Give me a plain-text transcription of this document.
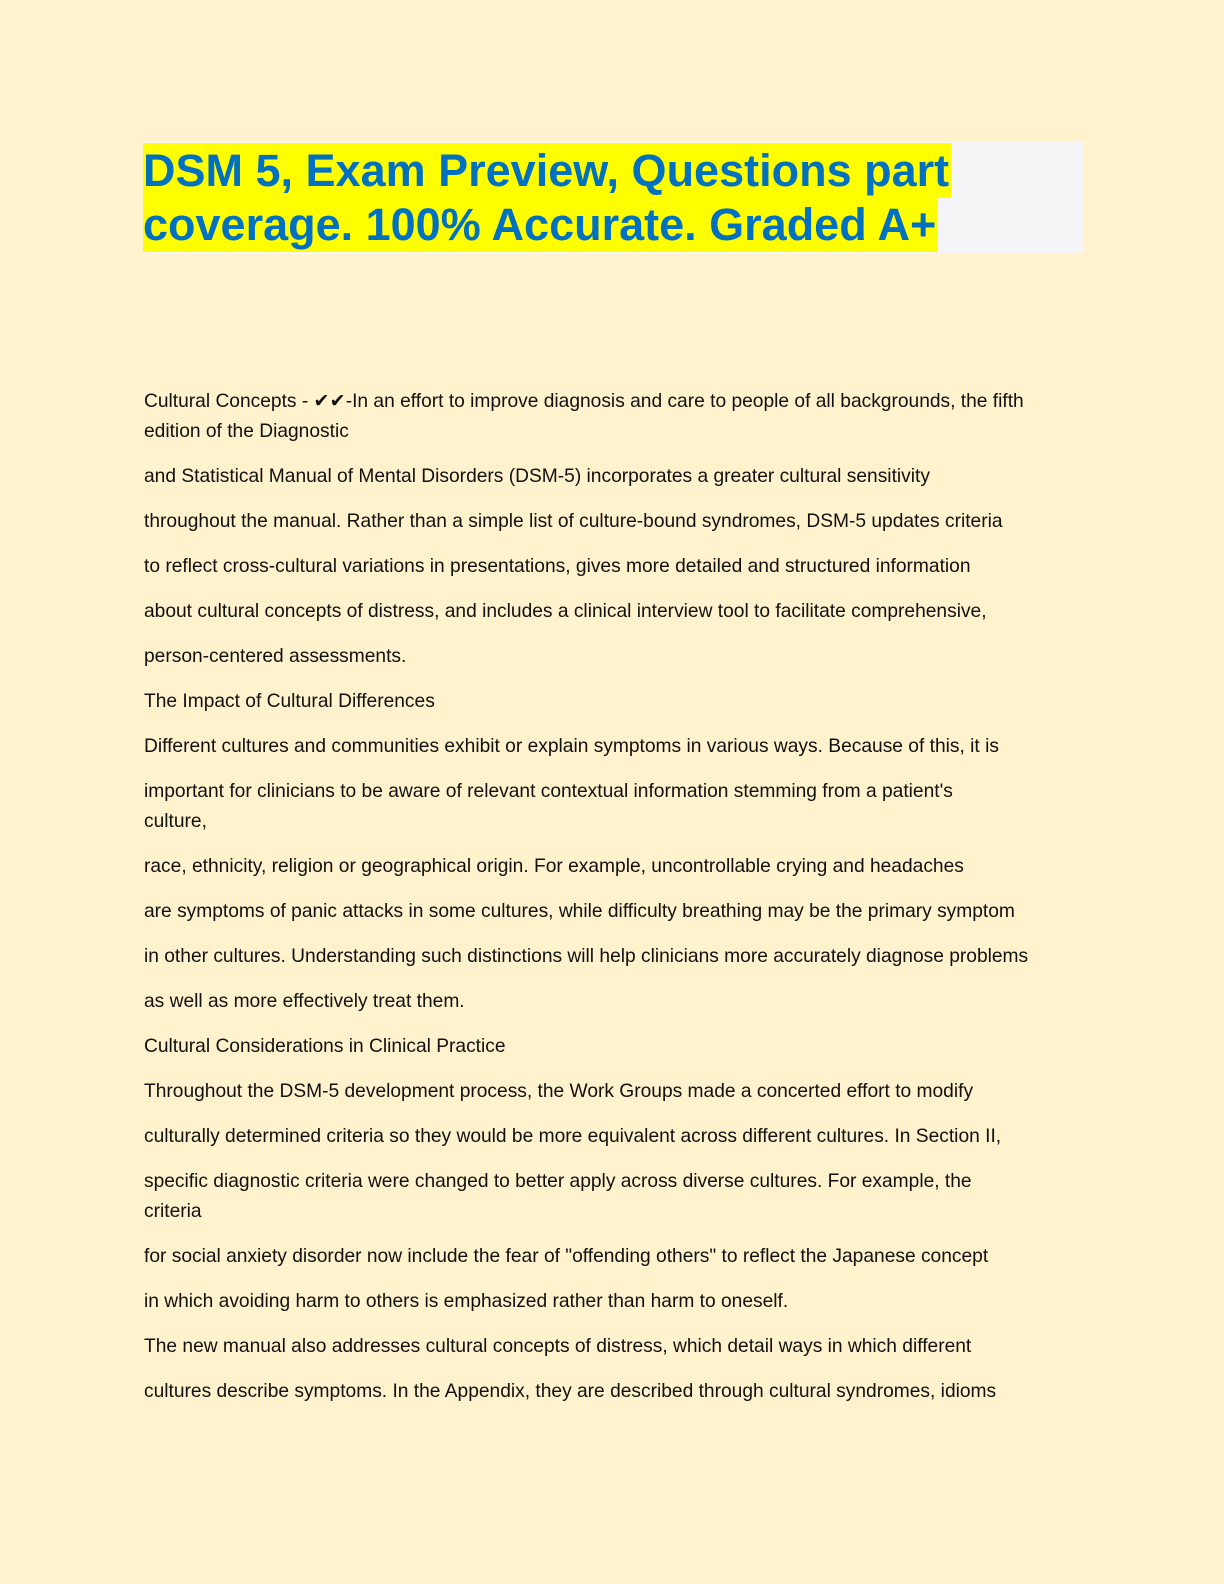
DSM 5, Exam Preview, Questions part
coverage. 100% Accurate. Graded A+
Cultural Concepts - ✔✔-In an effort to improve diagnosis and care to people of all backgrounds, the fifth
edition of the Diagnostic
and Statistical Manual of Mental Disorders (DSM-5) incorporates a greater cultural sensitivity
throughout the manual. Rather than a simple list of culture-bound syndromes, DSM-5 updates criteria
to reflect cross-cultural variations in presentations, gives more detailed and structured information
about cultural concepts of distress, and includes a clinical interview tool to facilitate comprehensive,
person-centered assessments.
The Impact of Cultural Differences
Different cultures and communities exhibit or explain symptoms in various ways. Because of this, it is
important for clinicians to be aware of relevant contextual information stemming from a patient's
culture,
race, ethnicity, religion or geographical origin. For example, uncontrollable crying and headaches
are symptoms of panic attacks in some cultures, while difficulty breathing may be the primary symptom
in other cultures. Understanding such distinctions will help clinicians more accurately diagnose problems
as well as more effectively treat them.
Cultural Considerations in Clinical Practice
Throughout the DSM-5 development process, the Work Groups made a concerted effort to modify
culturally determined criteria so they would be more equivalent across different cultures. In Section II,
specific diagnostic criteria were changed to better apply across diverse cultures. For example, the
criteria
for social anxiety disorder now include the fear of "offending others" to reflect the Japanese concept
in which avoiding harm to others is emphasized rather than harm to oneself.
The new manual also addresses cultural concepts of distress, which detail ways in which different
cultures describe symptoms. In the Appendix, they are described through cultural syndromes, idioms
